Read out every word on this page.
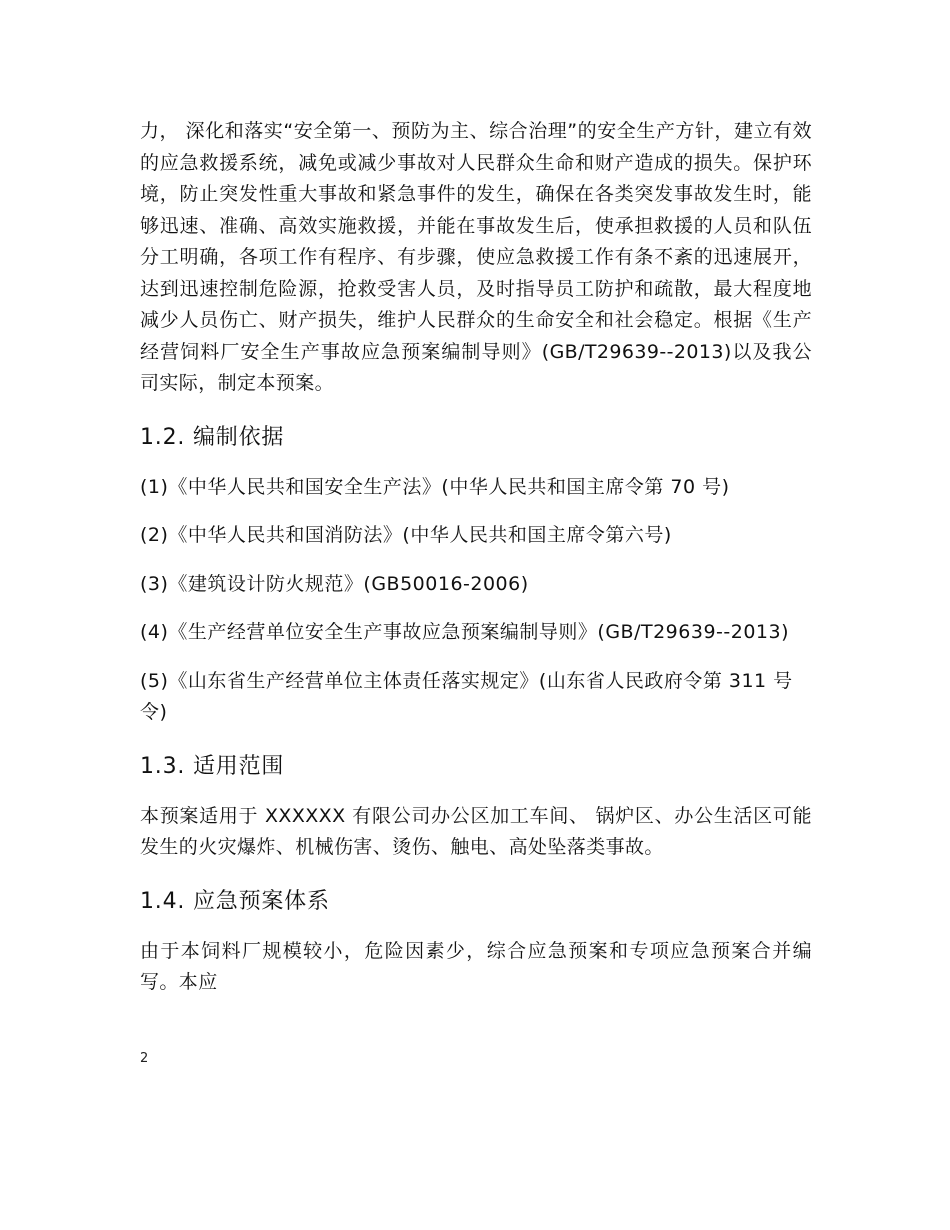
力， 深化和落实“安全第一、预防为主、综合治理”的安全生产方针，建立有效的应急救援系统，减免或减少事故对人民群众生命和财产造成的损失。保护环境，防止突发性重大事故和紧急事件的发生，确保在各类突发事故发生时，能够迅速、准确、高效实施救援，并能在事故发生后，使承担救援的人员和队伍分工明确，各项工作有程序、有步骤，使应急救援工作有条不紊的迅速展开，达到迅速控制危险源，抢救受害人员，及时指导员工防护和疏散，最大程度地减少人员伤亡、财产损失，维护人民群众的生命安全和社会稳定。根据《生产经营饲料厂安全生产事故应急预案编制导则》(GB/T29639--2013)以及我公司实际，制定本预案。

1.2. 编制依据

(1)《中华人民共和国安全生产法》(中华人民共和国主席令第 70 号)

(2)《中华人民共和国消防法》(中华人民共和国主席令第六号)

(3)《建筑设计防火规范》(GB50016-2006)

(4)《生产经营单位安全生产事故应急预案编制导则》(GB/T29639--2013)

(5)《山东省生产经营单位主体责任落实规定》(山东省人民政府令第 311 号令)

1.3. 适用范围

本预案适用于 XXXXXX 有限公司办公区加工车间、 锅炉区、办公生活区可能发生的火灾爆炸、机械伤害、烫伤、触电、高处坠落类事故。

1.4. 应急预案体系

由于本饲料厂规模较小，危险因素少，综合应急预案和专项应急预案合并编写。本应

2
